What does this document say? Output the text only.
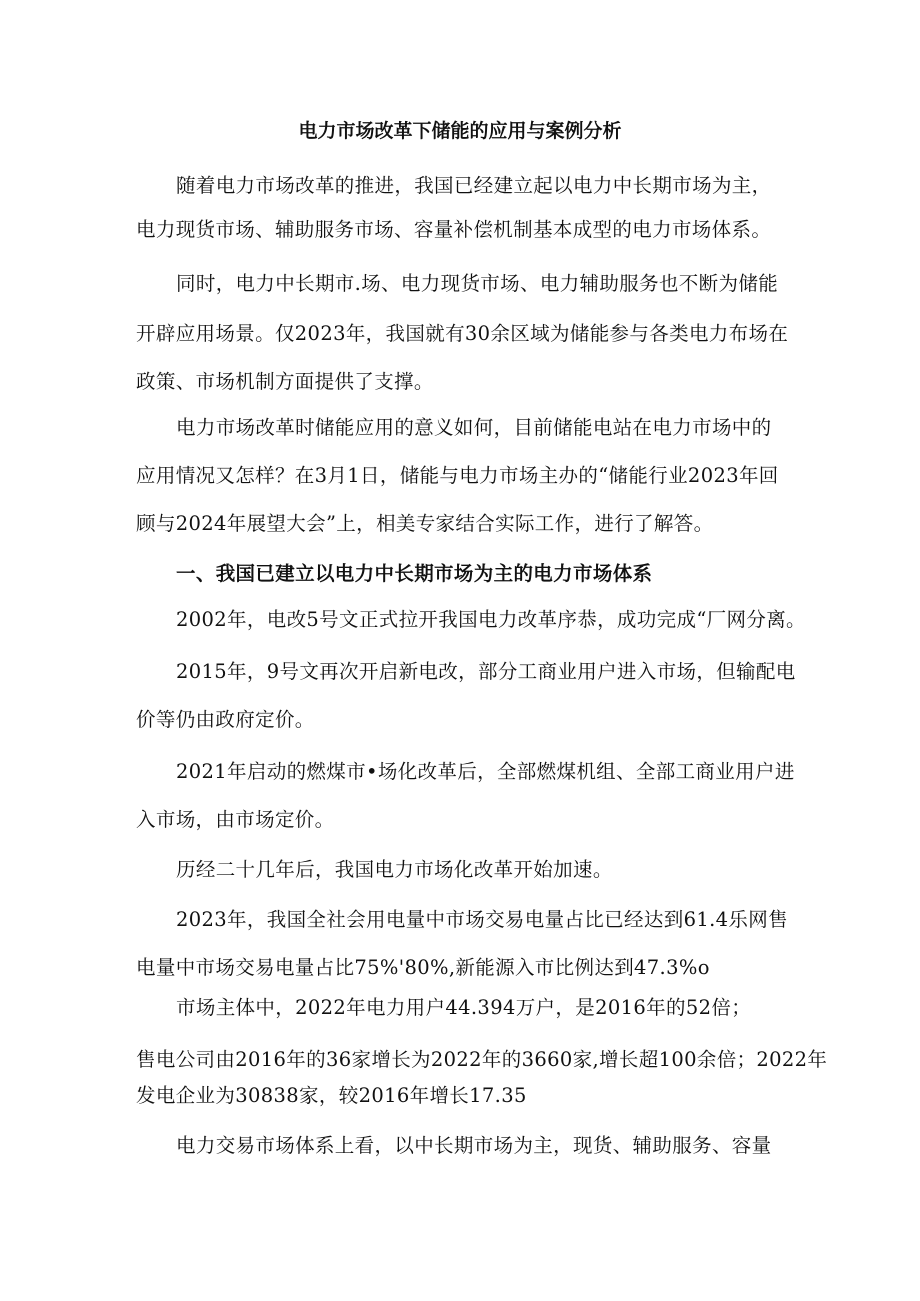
电力市场改革下储能的应用与案例分析
随着电力市场改革的推进，我国已经建立起以电力中长期市场为主，
电力现货市场、辅助服务市场、容量补偿机制基本成型的电力市场体系。
同时，电力中长期市.场、电力现货市场、电力辅助服务也不断为储能
开辟应用场景。仅2023年，我国就有30余区域为储能参与各类电力布场在
政策、市场机制方面提供了支撑。
电力市场改革时储能应用的意义如何，目前储能电站在电力市场中的
应用情况又怎样？在3月1日，储能与电力市场主办的“储能行业2023年回
顾与2024年展望大会”上，相美专家结合实际工作，进行了解答。
一、我国已建立以电力中长期市场为主的电力市场体系
2002年，电改5号文正式拉开我国电力改革序恭，成功完成“厂网分离。
2015年，9号文再次开启新电改，部分工商业用户进入市场，但输配电
价等仍由政府定价。
2021年启动的燃煤市•场化改革后，全部燃煤机组、全部工商业用户进
入市场，由市场定价。
历经二十几年后，我国电力市场化改革开始加速。
2023年，我国全社会用电量中市场交易电量占比已经达到61.4乐网售
电量中市场交易电量占比75%'80%,新能源入市比例达到47.3%o
市场主体中，2022年电力用户44.394万户，是2016年的52倍；
售电公司由2016年的36家增长为2022年的3660家,增长超100余倍；2022年
发电企业为30838家，较2016年增长17.35
电力交易市场体系上看，以中长期市场为主，现货、辅助服务、容量
